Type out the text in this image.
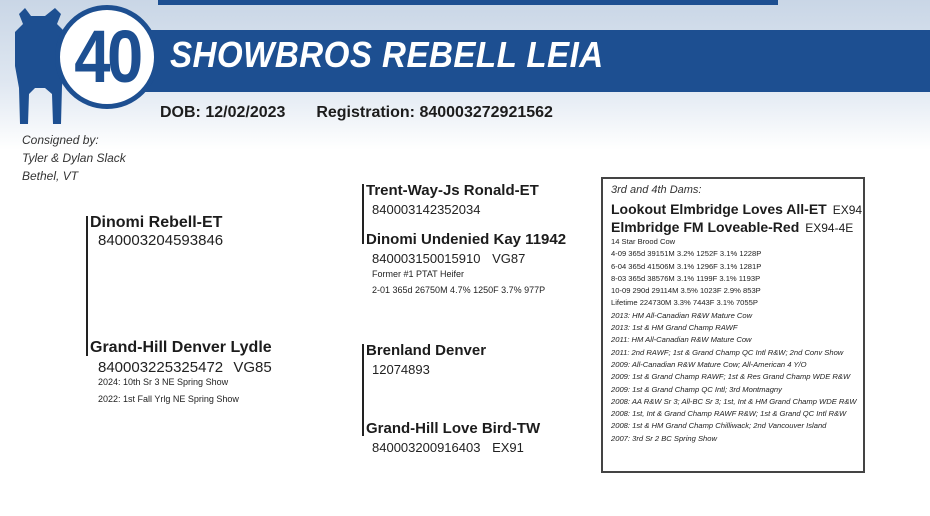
SHOWBROS REBELL LEIA
40
DOB: 12/02/2023 Registration: 840003272921562
Consigned by:
Tyler & Dylan Slack
Bethel, VT
Dinomi Rebell-ET
840003204593846
Trent-Way-Js Ronald-ET
840003142352034
Dinomi Undenied Kay 11942
840003150015910 VG87
Former #1 PTAT Heifer
2-01 365d 26750M 4.7% 1250F 3.7% 977P
Grand-Hill Denver Lydle
840003225325472 VG85
2024: 10th Sr 3 NE Spring Show
2022: 1st Fall Yrlg NE Spring Show
Brenland Denver
12074893
Grand-Hill Love Bird-TW
840003200916403 EX91
3rd and 4th Dams:
Lookout Elmbridge Loves All-ET EX94
Elmbridge FM Loveable-Red EX94-4E
14 Star Brood Cow
4-09 365d 39151M 3.2% 1252F 3.1% 1228P
6-04 365d 41506M 3.1% 1296F 3.1% 1281P
8-03 365d 38576M 3.1% 1199F 3.1% 1193P
10-09 290d 29114M 3.5% 1023F 2.9% 853P
Lifetime 224730M 3.3% 7443F 3.1% 7055P
2013: HM All-Canadian R&W Mature Cow
2013: 1st & HM Grand Champ RAWF
2011: HM All-Canadian R&W Mature Cow
2011: 2nd RAWF; 1st & Grand Champ QC Intl R&W; 2nd Conv Show
2009: All-Canadian R&W Mature Cow; All-American 4 Y/O
2009: 1st & Grand Champ RAWF; 1st & Res Grand Champ WDE R&W
2009: 1st & Grand Champ QC Intl; 3rd Montmagny
2008: AA R&W Sr 3; All-BC Sr 3; 1st, Int & HM Grand Champ WDE R&W
2008: 1st, Int & Grand Champ RAWF R&W; 1st & Grand QC Intl R&W
2008: 1st & HM Grand Champ Chilliwack; 2nd Vancouver Island
2007: 3rd Sr 2 BC Spring Show
